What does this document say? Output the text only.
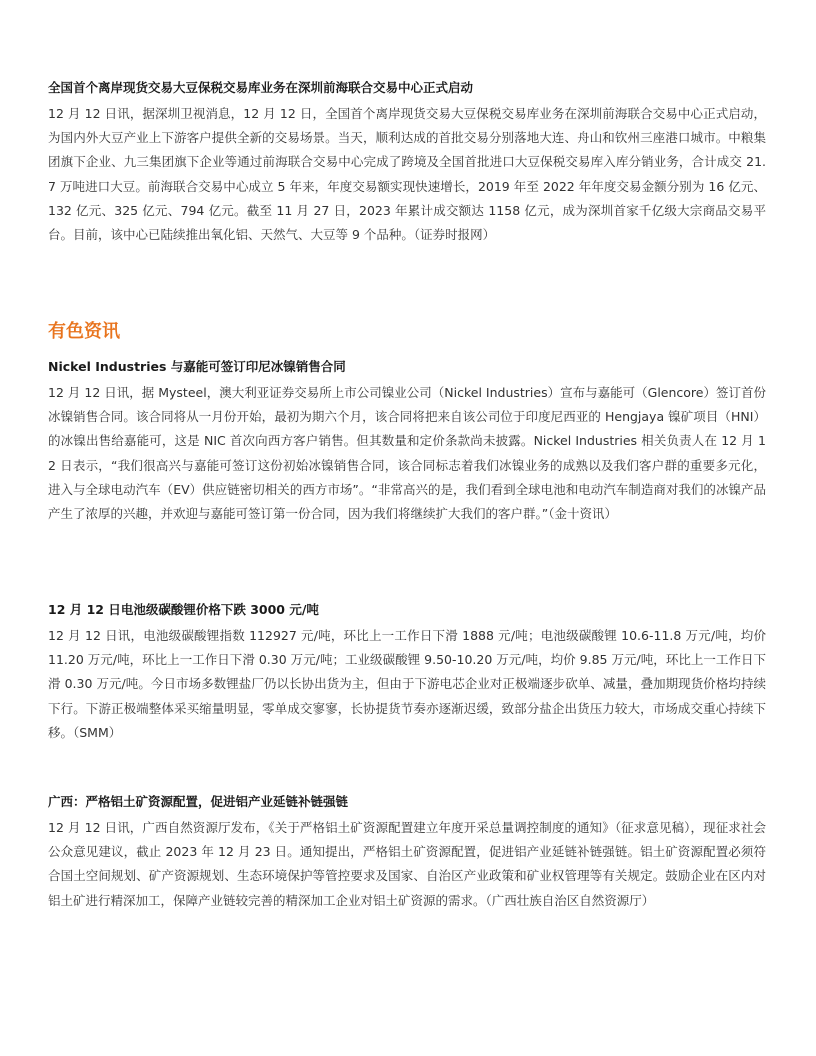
全国首个离岸现货交易大豆保税交易库业务在深圳前海联合交易中心正式启动

12 月 12 日讯，据深圳卫视消息，12 月 12 日，全国首个离岸现货交易大豆保税交易库业务在深圳前海联合交易中心正式启动，为国内外大豆产业上下游客户提供全新的交易场景。当天，顺利达成的首批交易分别落地大连、舟山和钦州三座港口城市。中粮集团旗下企业、九三集团旗下企业等通过前海联合交易中心完成了跨境及全国首批进口大豆保税交易库入库分销业务，合计成交 21.7 万吨进口大豆。前海联合交易中心成立 5 年来，年度交易额实现快速增长，2019 年至 2022 年年度交易金额分别为 16 亿元、132 亿元、325 亿元、794 亿元。截至 11 月 27 日，2023 年累计成交额达 1158 亿元，成为深圳首家千亿级大宗商品交易平台。目前，该中心已陆续推出氧化铝、天然气、大豆等 9 个品种。（证券时报网）

有色资讯
Nickel Industries 与嘉能可签订印尼冰镍销售合同

12 月 12 日讯，据 Mysteel，澳大利亚证券交易所上市公司镍业公司（Nickel Industries）宣布与嘉能可（Glencore）签订首份冰镍销售合同。该合同将从一月份开始，最初为期六个月，该合同将把来自该公司位于印度尼西亚的 Hengjaya 镍矿项目（HNI）的冰镍出售给嘉能可，这是 NIC 首次向西方客户销售。但其数量和定价条款尚未披露。Nickel Industries 相关负责人在 12 月 12 日表示，“我们很高兴与嘉能可签订这份初始冰镍销售合同，该合同标志着我们冰镍业务的成熟以及我们客户群的重要多元化，进入与全球电动汽车（EV）供应链密切相关的西方市场”。“非常高兴的是，我们看到全球电池和电动汽车制造商对我们的冰镍产品产生了浓厚的兴趣，并欢迎与嘉能可签订第一份合同，因为我们将继续扩大我们的客户群。”（金十资讯）

12 月 12 日电池级碳酸锂价格下跌 3000 元/吨

12 月 12 日讯，电池级碳酸锂指数 112927 元/吨，环比上一工作日下滑 1888 元/吨；电池级碳酸锂 10.6-11.8 万元/吨，均价 11.20 万元/吨，环比上一工作日下滑 0.30 万元/吨；工业级碳酸锂 9.50-10.20 万元/吨，均价 9.85 万元/吨，环比上一工作日下滑 0.30 万元/吨。今日市场多数锂盐厂仍以长协出货为主，但由于下游电芯企业对正极端逐步砍单、减量，叠加期现货价格均持续下行。下游正极端整体采买缩量明显，零单成交寥寥，长协提货节奏亦逐渐迟缓，致部分盐企出货压力较大，市场成交重心持续下移。（SMM）

广西：严格铝土矿资源配置，促进铝产业延链补链强链

12 月 12 日讯，广西自然资源厅发布，《关于严格铝土矿资源配置建立年度开采总量调控制度的通知》（征求意见稿），现征求社会公众意见建议，截止 2023 年 12 月 23 日。通知提出，严格铝土矿资源配置，促进铝产业延链补链强链。铝土矿资源配置必须符合国土空间规划、矿产资源规划、生态环境保护等管控要求及国家、自治区产业政策和矿业权管理等有关规定。鼓励企业在区内对铝土矿进行精深加工，保障产业链较完善的精深加工企业对铝土矿资源的需求。（广西壮族自治区自然资源厅）
